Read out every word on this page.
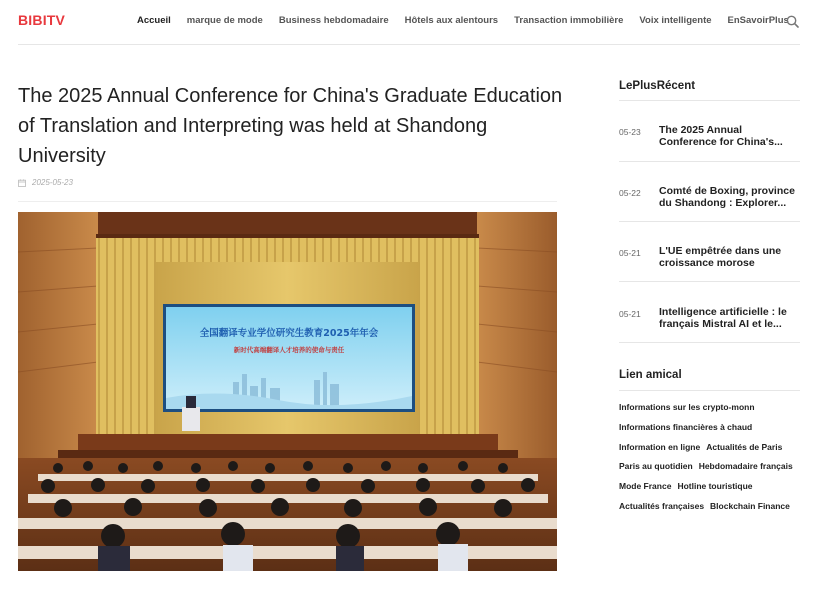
BIBITV	Accueil marque de mode Business hebdomadaire Hôtels aux alentours Transaction immobilière Voix intelligente EnSavoirPlus
The 2025 Annual Conference for China's Graduate Education of Translation and Interpreting was held at Shandong University
2025-05-23
全国翻译专业学位研究生教育2025年年会
新时代高端翻译人才培养的使命与责任
LePlusRécent
05-23 The 2025 Annual Conference for China's...
05-22 Comté de Boxing, province du Shandong : Explorer...
05-21 L'UE empêtrée dans une croissance morose
05-21 Intelligence artificielle : le français Mistral AI et le...
Lien amical
Informations sur les crypto-monn
Informations financières à chaud
Information en ligne Actualités de Paris
Paris au quotidien Hebdomadaire français
Mode France Hotline touristique
Actualités françaises Blockchain Finance
